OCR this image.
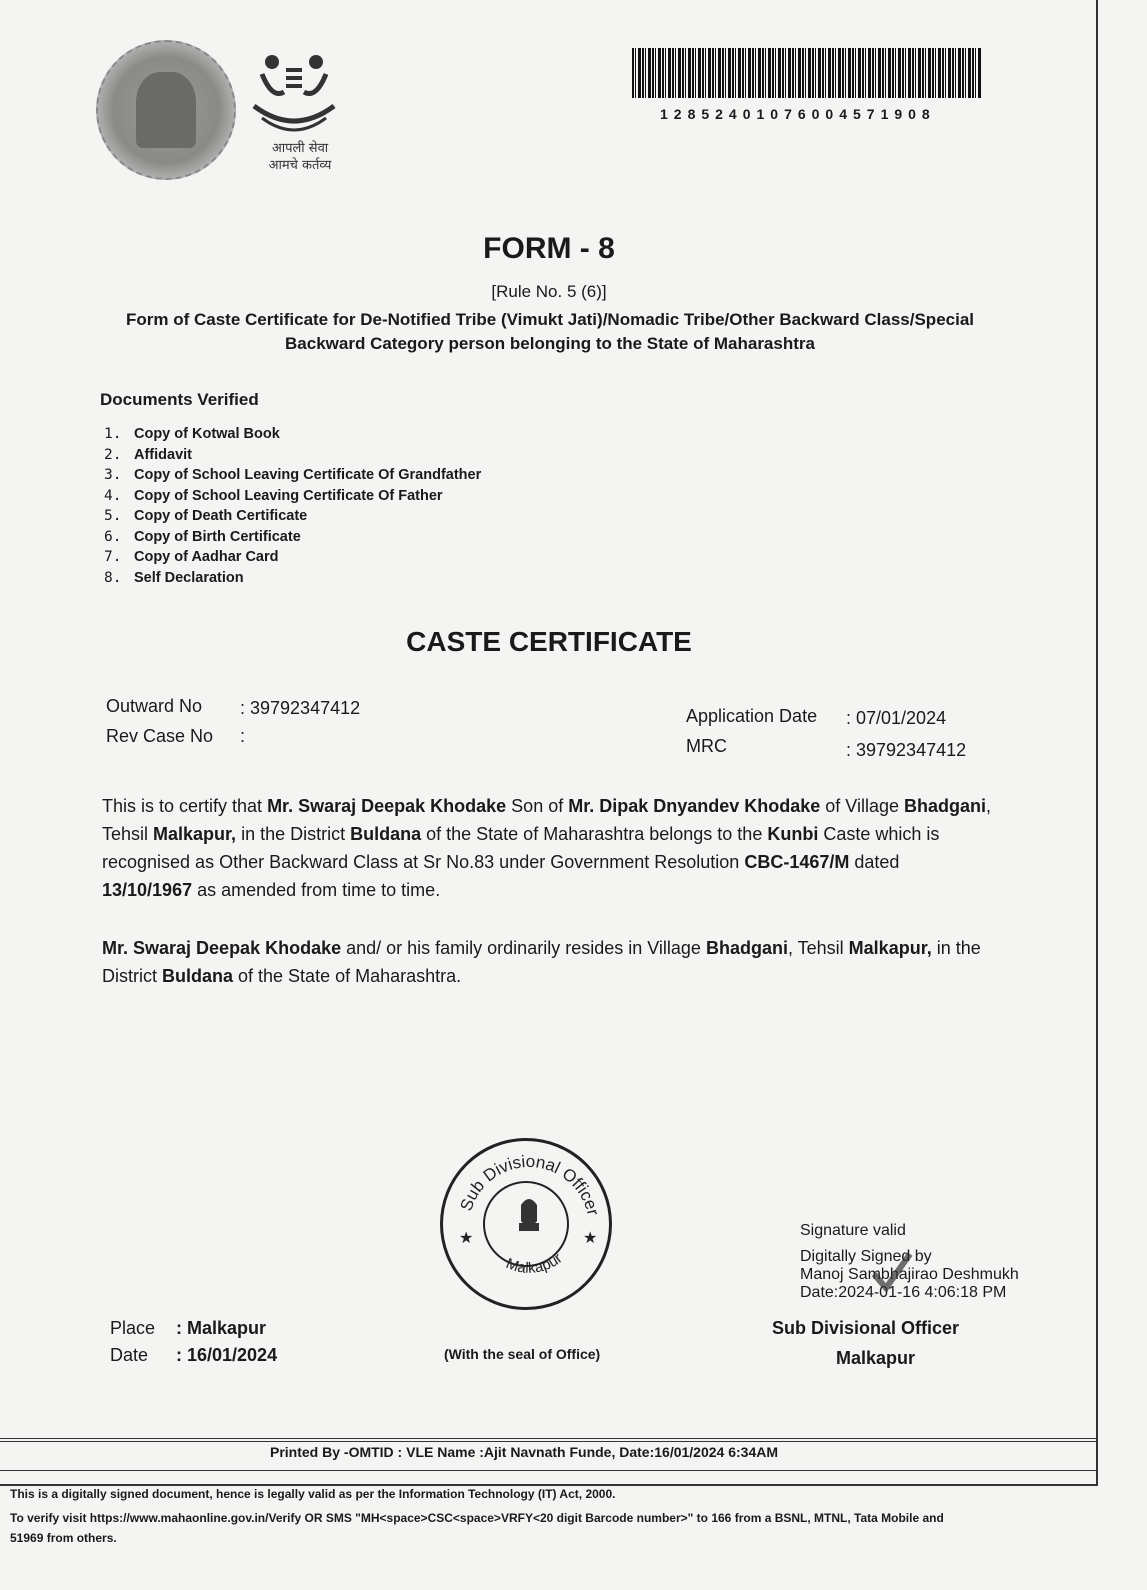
आपली सेवा
आमचे कर्तव्य
12852401076004571908
FORM - 8
[Rule No. 5 (6)]
Form of Caste Certificate for De-Notified Tribe (Vimukt Jati)/Nomadic Tribe/Other Backward Class/Special Backward Category person belonging to the State of Maharashtra
Documents Verified
1. Copy of Kotwal Book
2. Affidavit
3. Copy of School Leaving Certificate Of Grandfather
4. Copy of School Leaving Certificate Of Father
5. Copy of Death Certificate
6. Copy of Birth Certificate
7. Copy of Aadhar Card
8. Self Declaration
CASTE CERTIFICATE
Outward No : 39792347412
Rev Case No :
Application Date : 07/01/2024
MRC	: 39792347412
This is to certify that Mr. Swaraj Deepak Khodake Son of Mr. Dipak Dnyandev Khodake of Village Bhadgani, Tehsil Malkapur, in the District Buldana of the State of Maharashtra belongs to the Kunbi Caste which is recognised as Other Backward Class at Sr No.83 under Government Resolution CBC-1467/M dated 13/10/1967 as amended from time to time.
Mr. Swaraj Deepak Khodake and/ or his family ordinarily resides in Village Bhadgani, Tehsil Malkapur, in the District Buldana of the State of Maharashtra.
Sub Divisional Officer
Malkapur
★	★	Signature valid
Digitally Signed by
Manoj Sambhajirao Deshmukh
Date:2024-01-16 4:06:18 PM
Sub Divisional Officer
Malkapur
Place : Malkapur
Date : 16/01/2024	(With the seal of Office)
Printed By -OMTID : VLE Name :Ajit Navnath Funde, Date:16/01/2024 6:34AM
This is a digitally signed document, hence is legally valid as per the Information Technology (IT) Act, 2000.
To verify visit https://www.mahaonline.gov.in/Verify OR SMS "MH<space>CSC<space>VRFY<20 digit Barcode number>" to 166 from a BSNL, MTNL, Tata Mobile and
51969 from others.
